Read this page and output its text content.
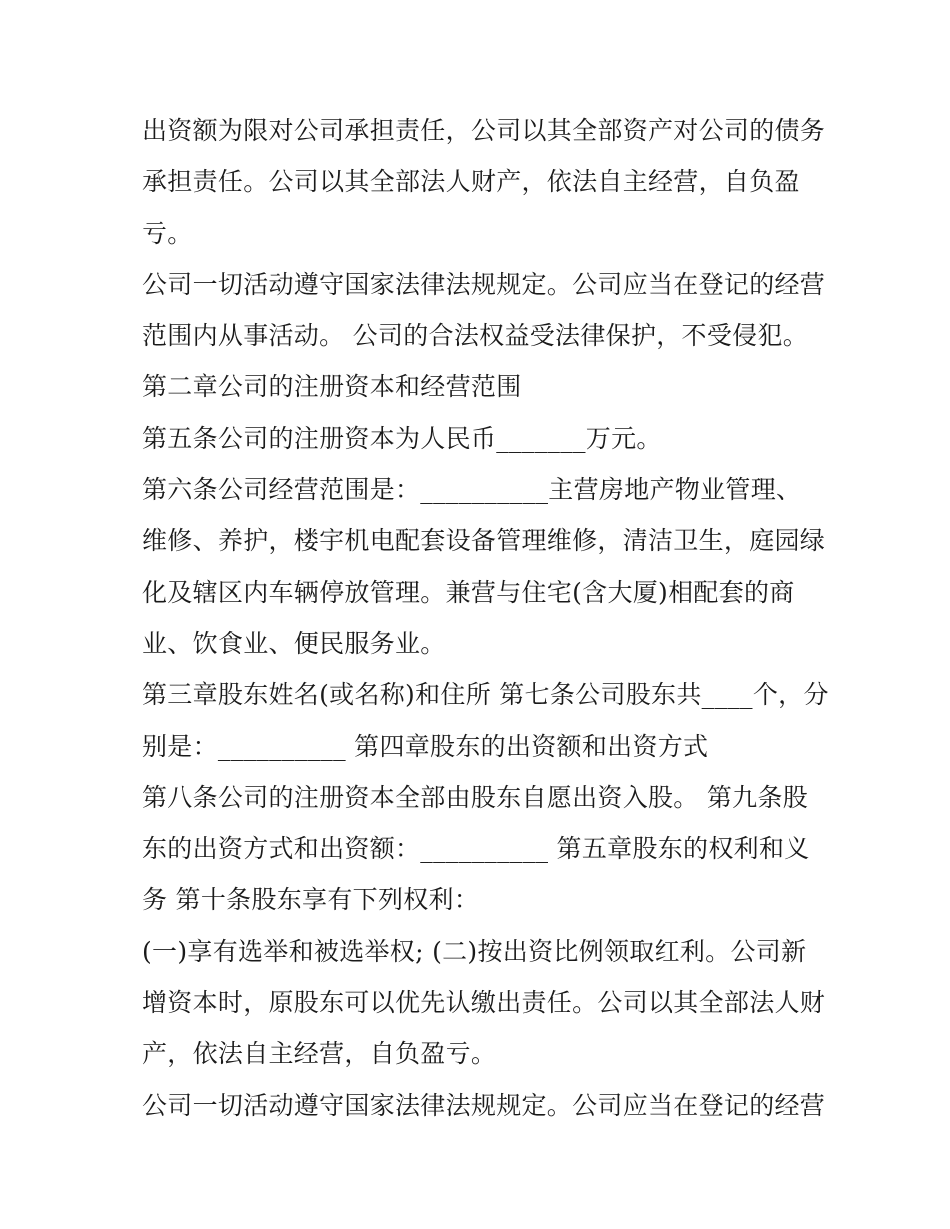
出资额为限对公司承担责任，公司以其全部资产对公司的债务
承担责任。公司以其全部法人财产，依法自主经营，自负盈
亏。
公司一切活动遵守国家法律法规规定。公司应当在登记的经营
范围内从事活动。 公司的合法权益受法律保护，不受侵犯。
第二章公司的注册资本和经营范围
第五条公司的注册资本为人民币_______万元。
第六条公司经营范围是：__________主营房地产物业管理、
维修、养护，楼宇机电配套设备管理维修，清洁卫生，庭园绿
化及辖区内车辆停放管理。兼营与住宅(含大厦)相配套的商
业、饮食业、便民服务业。
第三章股东姓名(或名称)和住所 第七条公司股东共____个，分
别是：__________ 第四章股东的出资额和出资方式
第八条公司的注册资本全部由股东自愿出资入股。 第九条股
东的出资方式和出资额：__________ 第五章股东的权利和义
务 第十条股东享有下列权利：
(一)享有选举和被选举权; (二)按出资比例领取红利。公司新
增资本时，原股东可以优先认缴出责任。公司以其全部法人财
产，依法自主经营，自负盈亏。
公司一切活动遵守国家法律法规规定。公司应当在登记的经营
